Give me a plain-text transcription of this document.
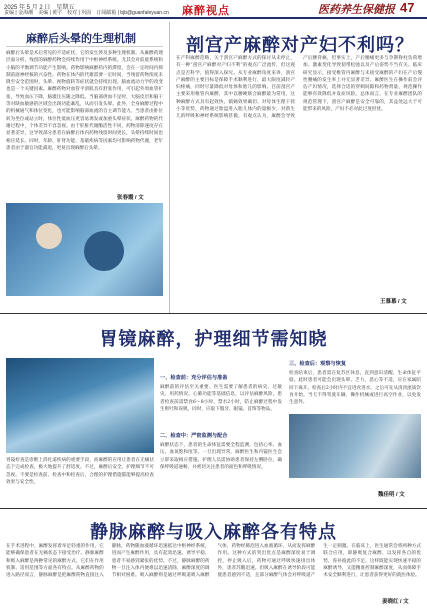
2025 年 5 月 2 日　星期五
责编 | 金海潮　美编 | 黄宇　校对 | 巩固　订阅邮箱 | bjb@guanfaleyuan.cn 麻醉视点	医药养生保健报 47
麻醉后头晕的生理机制
麻醉后头晕是术后常见的不适症状，它的发生涉及多种生理机制。从麻醉药理层面分析，残留的麻醉药物会持续作用于中枢神经系统。尤其会对前庭系统和小脑的平衡调节功能产生影响。药物影响麻醉药内的滞留，会在一定时间内抑制前庭神经核的兴奋性。药物在体内的代谢需要一定时间，当残留药物浓度未降至安全范围时，头晕、视物旋转等症状就会持续出现。脑血流动力学的改变也是一个关键因素。麻醉药物对血管平滑肌具有舒张作用，可引起外周血管扩张，导致血压下降，脑灌注压随之降低。当脑部供血不足时，大脑皮层和脑干等对缺血敏感的区域会出现功能紊乱，从而引发头晕。此外，全身麻醉过程中的机械通气和体位变化，也可能影响脑部血流的自主调节能力。当患者由卧位转为坐位或站立时，体位性低血压更容易诱发或加重头晕症状。麻醉药物的代谢过程中，个体差异不容忽视。由于肝脏代谢酶活性不同，药物清除速度存在显著差异，这导致部分患者在麻醉后体内药物残留时间更长，头晕持续时间也相应延长。同时，年龄、肝肾功能、基础疾病等因素均可影响药物代谢，老年患者由于器官功能减退，更易出现麻醉后头晕。
张春霞 / 文
剖宫产麻醉对产妇不利吗？
在产科麻醉范畴，关于剖宫产麻醉方式的探讨从未停止，有一种“剖宫产麻醉对产妇不利”的观点广泛流传，但这观点是否科学，值得深入探究。从专业麻醉角度来讲，剖宫产麻醉的主要目标是保障手术顺利进行，最大限度减轻产妇疼痛，同时尽量降低对母体和胎儿的影响。目前剖宫产主要采用椎管内麻醉，其中以腰硬联合麻醉最为常用。这种麻醉方式具有起效快、镇痛效果确切、对母体生理干扰小等优势，药物通过胎盘进入胎儿体内的量极少，对新生儿的呼吸和神经系统影响甚微。有观点认为，麻醉会导致产后腰背痛，但事实上，产后腰痛更多与孕期脊柱负荷增加、激素变化导致韧带松弛以及产后姿势不当有关。临床研究显示，接受椎管内麻醉与未接受麻醉的产妇在产后慢性腰痛的发生率上并无显著差异。麻醉医生在操作前会评估产妇情况，选择合适的穿刺间隙和药物剂量，规范操作能够有效降低并发症风险。总体而言，在专业麻醉团队的规范管理下，剖宫产麻醉是安全可靠的，其益处远大于可能带来的风险，产妇不必对此过度担忧。
王慕慕 / 文
胃镜麻醉，护理细节需知晓
胃镜检查是诊断上消化道疾病的重要手段，而麻醉的应用让患者在无痛状态下完成检查，极大地提升了舒适度。不过，麻醉后安全、护理细节不可忽视。不要是检查前、检查中和检查后，合理的护理措施都能够提高检查效果与安全性。
一、检查前：充分评估与准备
麻醉前的评估至关重要。医生需要了解患者的病史、过敏史、用药情况、心肺功能等基础信息，以评估麻醉风险。患者检查前需禁食6～8小时、禁水2小时，防止麻醉过程中发生呕吐和误吸。同时，应取下假牙、眼镜、首饰等物品。
二、检查中：严密监测与配合
麻醉状态下，患者的生命体征需要全程监测，包括心率、血压、血氧饱和度等。一旦出现异常，麻醉医生和内镜医生会立即采取相应措施。护理人员需协助患者保持左侧卧位，确保呼吸道通畅，并密切关注患者的面色和呼吸情况。
三、检查后：观察与恢复
检查结束后，患者需在复苏区休息，直到意识清醒、生命体征平稳。此时患者可能会出现头晕、乏力、恶心等不适，应在家属陪同下离开。检查后2小时内不宜进食进水，之后可先从清淡流质饮食开始。当天不得驾驶车辆、操作机械或进行高空作业，以免发生意外。
魏佳明 / 文
静脉麻醉与吸入麻醉各有特点
在手术进程中，麻醉发挥着举足轻重的作用，它能够确保患者在无痛状态下接受治疗。静脉麻醉和吸入麻醉是两种常见的麻醉方式，它们在作用机制、适用范围等方面各有特点。从麻醉药物的进入路径而言，静脉麻醉是把麻醉药物直接注入静脉，药物随血液循环迅速抵达中枢神经系统，进而产生麻醉作用，具有起效迅速、诱导平稳、患者不易感到紧张的优势。不过，静脉麻醉的药物一旦注入体内便难以迅速清除，麻醉深度的调节相对困难。吸入麻醉则是通过呼吸道吸入麻醉气体，药物经肺泡进入血液循环，从而发挥麻醉作用。这种方式的突出优点是麻醉深度易于调控，停止吸入后，药物可通过呼吸快速排出体外，患者苏醒迅速。但吸入麻醉在诱导阶段可能使患者感到不适，且部分麻醉气体会对呼吸道产生一定刺激。在临床上，医生通常会将两种方式联合应用，即静吸复合麻醉，以发挥各自的优势，弥补彼此的不足。这样既能实现快速平稳的麻醉诱导，又能精准控制麻醉深度，从而保障手术安全顺利进行，让患者获得更好的就医体验。
姜晓红 / 文
